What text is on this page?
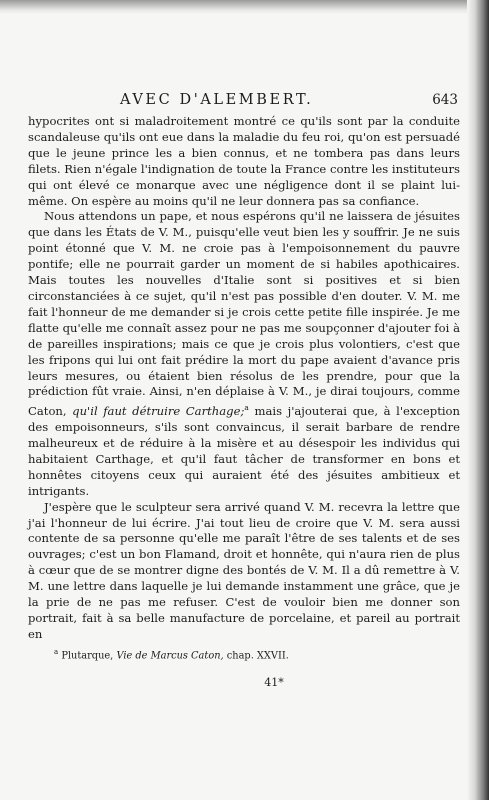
AVEC D'ALEMBERT.	643

hypocrites ont si maladroitement montré ce qu'ils sont par la conduite scandaleuse qu'ils ont eue dans la maladie du feu roi, qu'on est persuadé que le jeune prince les a bien connus, et ne tombera pas dans leurs filets. Rien n'égale l'indignation de toute la France contre les instituteurs qui ont élevé ce monarque avec une négligence dont il se plaint lui-même. On espère au moins qu'il ne leur donnera pas sa confiance.

Nous attendons un pape, et nous espérons qu'il ne laissera de jésuites que dans les États de V. M., puisqu'elle veut bien les y souffrir. Je ne suis point étonné que V. M. ne croie pas à l'empoisonnement du pauvre pontife; elle ne pourrait garder un moment de si habiles apothicaires. Mais toutes les nouvelles d'Italie sont si positives et si bien circonstanciées à ce sujet, qu'il n'est pas possible d'en douter. V. M. me fait l'honneur de me demander si je crois cette petite fille inspirée. Je me flatte qu'elle me connaît assez pour ne pas me soupçonner d'ajouter foi à de pareilles inspirations; mais ce que je crois plus volontiers, c'est que les fripons qui lui ont fait prédire la mort du pape avaient d'avance pris leurs mesures, ou étaient bien résolus de les prendre, pour que la prédiction fût vraie. Ainsi, n'en déplaise à V. M., je dirai toujours, comme Caton, qu'il faut détruire Carthage;$^a$ mais j'ajouterai que, à l'exception des empoisonneurs, s'ils sont convaincus, il serait barbare de rendre malheureux et de réduire à la misère et au désespoir les individus qui habitaient Carthage, et qu'il faut tâcher de transformer en bons et honnêtes citoyens ceux qui auraient été des jésuites ambitieux et intrigants.

J'espère que le sculpteur sera arrivé quand V. M. recevra la lettre que j'ai l'honneur de lui écrire. J'ai tout lieu de croire que V. M. sera aussi contente de sa personne qu'elle me paraît l'être de ses talents et de ses ouvrages; c'est un bon Flamand, droit et honnête, qui n'aura rien de plus à cœur que de se montrer digne des bontés de V. M. Il a dû remettre à V. M. une lettre dans laquelle je lui demande instamment une grâce, que je la prie de ne pas me refuser. C'est de vouloir bien me donner son portrait, fait à sa belle manufacture de porcelaine, et pareil au portrait en

$^a$ Plutarque, Vie de Marcus Caton, chap. XXVII.
41*
